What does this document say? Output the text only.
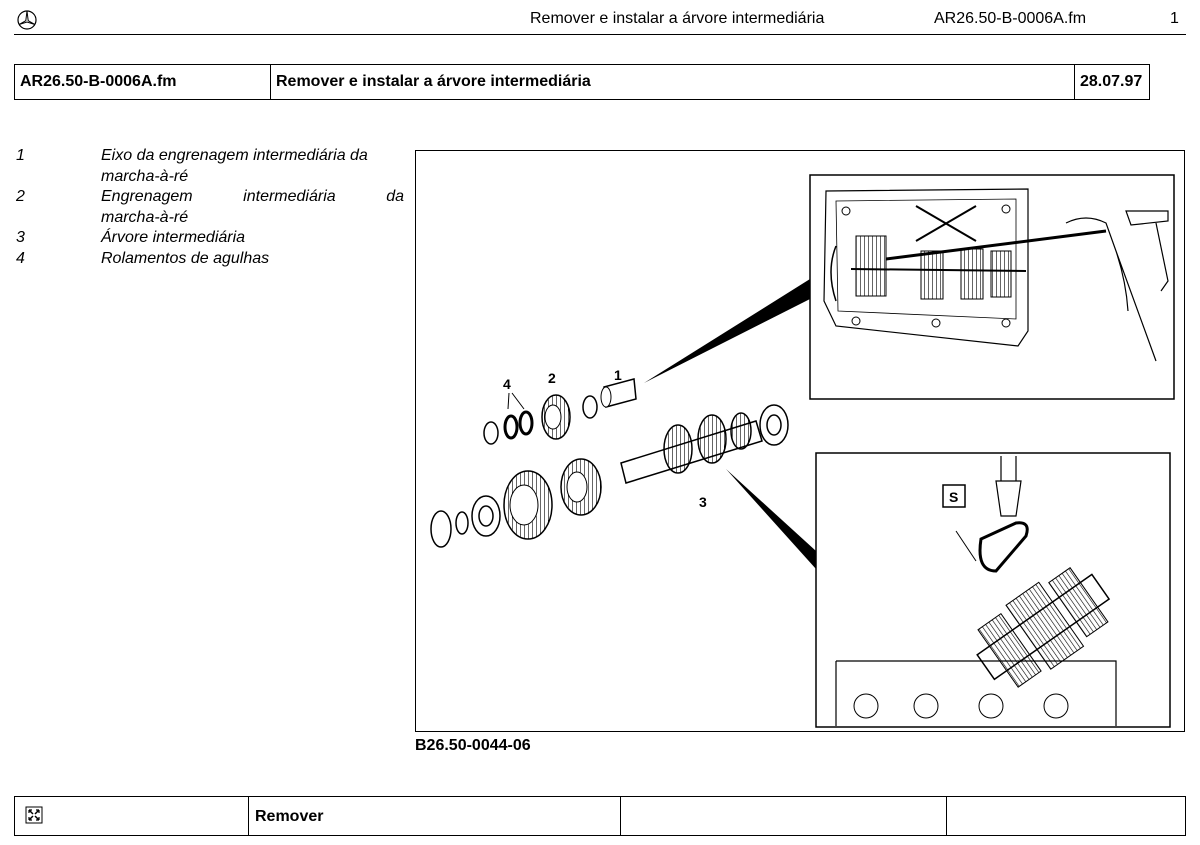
Remover e instalar a árvore intermediária	AR26.50-B-0006A.fm	1
AR26.50-B-0006A.fm	Remover e instalar a árvore intermediária	28.07.97
1	Eixo da engrenagem intermediária da
marcha-à-ré
2	Engrenagem	intermediária	da
marcha-à-ré
3	Árvore intermediária
4	Rolamentos de agulhas
S
1
2
3
4
B26.50-0044-06
Remover
